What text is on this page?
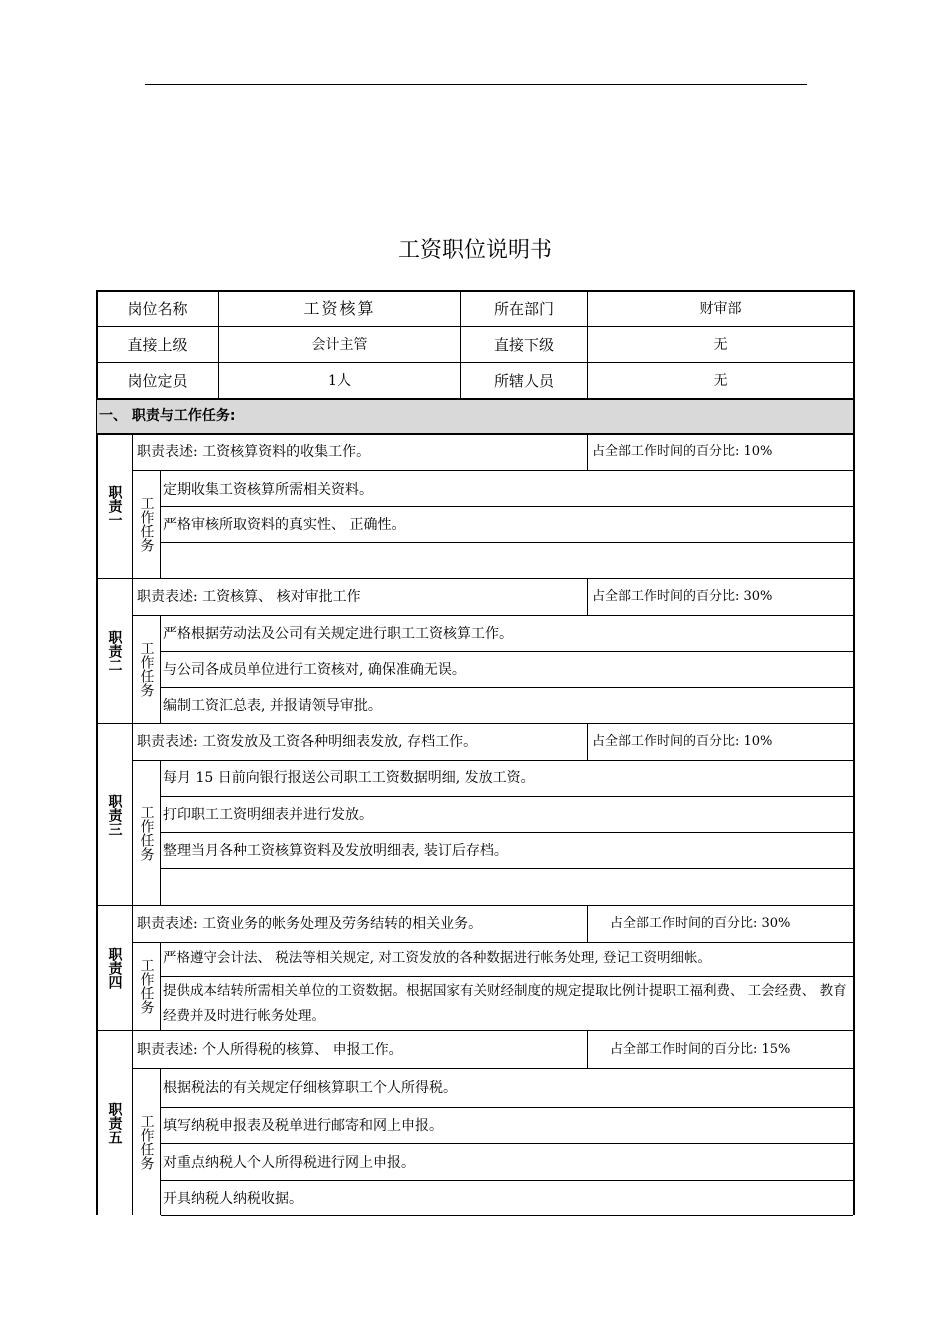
工资职位说明书
岗位名称	工资核算	所在部门	财审部
直接上级	会计主管	直接下级	无
岗位定员	1人	所辖人员	无
一、 职责与工作任务:
职责一
职责表述: 工资核算资料的收集工作。	占全部工作时间的百分比: 10%
工作任务
定期收集工资核算所需相关资料。
严格审核所取资料的真实性、 正确性。
职责二
职责表述: 工资核算、 核对审批工作	占全部工作时间的百分比: 30%
工作任务
严格根据劳动法及公司有关规定进行职工工资核算工作。
与公司各成员单位进行工资核对, 确保准确无误。
编制工资汇总表, 并报请领导审批。
职责三
职责表述: 工资发放及工资各种明细表发放, 存档工作。	占全部工作时间的百分比: 10%
工作任务
每月 15 日前向银行报送公司职工工资数据明细, 发放工资。
打印职工工资明细表并进行发放。
整理当月各种工资核算资料及发放明细表, 装订后存档。
职责四
职责表述: 工资业务的帐务处理及劳务结转的相关业务。	占全部工作时间的百分比: 30%
工作任务 严格遵守会计法、 税法等相关规定, 对工资发放的各种数据进行帐务处理, 登记工资明细帐。
提供成本结转所需相关单位的工资数据。根据国家有关财经制度的规定提取比例计提职工福利费、 工会经费、 教育经费并及时进行帐务处理。
职责五
职责表述: 个人所得税的核算、 申报工作。	占全部工作时间的百分比: 15%
工作任务
根据税法的有关规定仔细核算职工个人所得税。
填写纳税申报表及税单进行邮寄和网上申报。
对重点纳税人个人所得税进行网上申报。
开具纳税人纳税收据。
